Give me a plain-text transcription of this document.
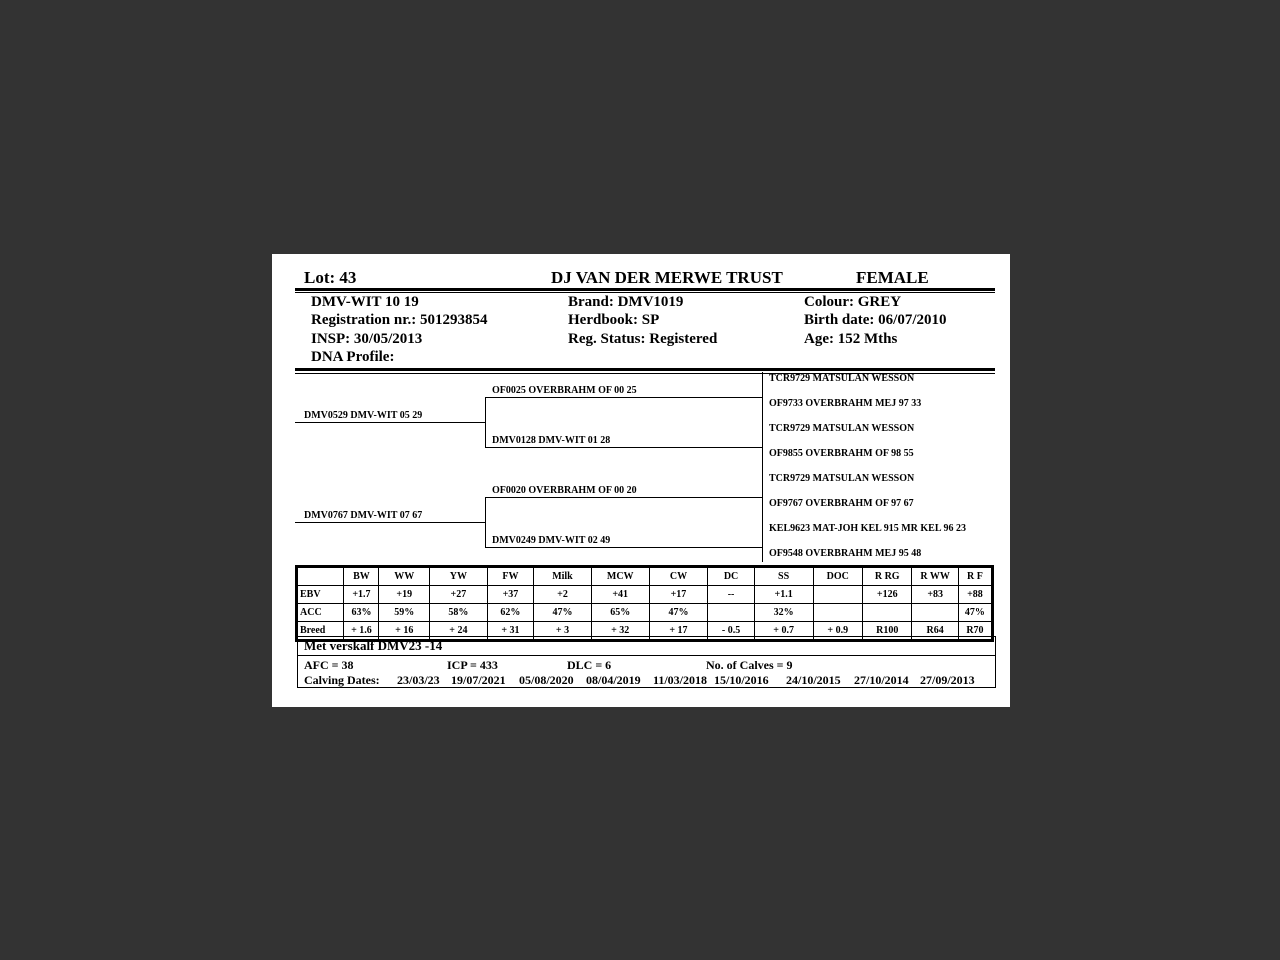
Lot: 43	DJ VAN DER MERWE TRUST	FEMALE
DMV-WIT 10 19
Registration nr.: 501293854
INSP: 30/05/2013
DNA Profile:
Brand: DMV1019
Herdbook: SP
Reg. Status: Registered
Colour: GREY
Birth date: 06/07/2010
Age: 152 Mths
DMV0529 DMV-WIT 05 29
DMV0767 DMV-WIT 07 67
OF0025 OVERBRAHM OF 00 25
DMV0128 DMV-WIT 01 28
OF0020 OVERBRAHM OF 00 20
DMV0249 DMV-WIT 02 49
TCR9729 MATSULAN WESSON
OF9733 OVERBRAHM MEJ 97 33
TCR9729 MATSULAN WESSON
OF9855 OVERBRAHM OF 98 55
TCR9729 MATSULAN WESSON
OF9767 OVERBRAHM OF 97 67
KEL9623 MAT-JOH KEL 915 MR KEL 96 23
OF9548 OVERBRAHM MEJ 95 48
	BW	WW	YW	FW	Milk	MCW	CW	DC	SS	DOC	R RG	R WW	R F
EBV	+1.7	+19	+27	+37	+2	+41	+17	--	+1.1		+126	+83	+88
ACC	63%	59%	58%	62%	47%	65%	47%		32%				47%
Breed	+ 1.6	+ 16	+ 24	+ 31	+ 3	+ 32	+ 17	- 0.5	+ 0.7	+ 0.9	R100	R64	R70
Met verskalf DMV23 -14
AFC = 38	ICP = 433	DLC = 6	No. of Calves = 9
Calving Dates: 23/03/23 19/07/2021 05/08/2020 08/04/2019 11/03/2018 15/10/2016 24/10/2015 27/10/2014 27/09/2013
